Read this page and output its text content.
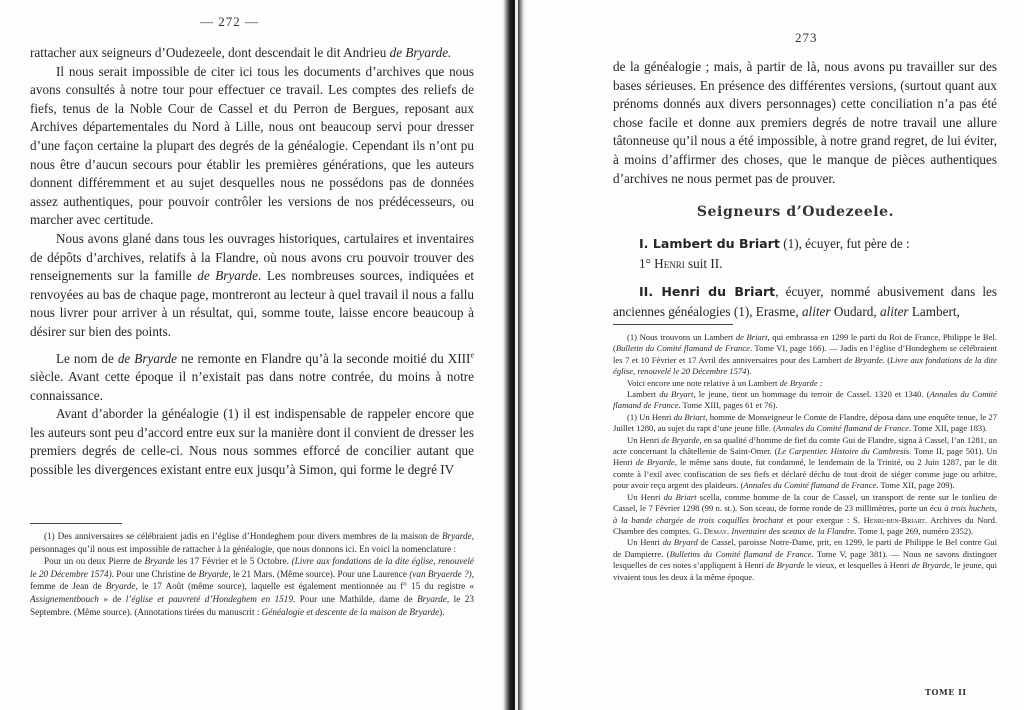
— 272 —

rattacher aux seigneurs d’Oudezeele, dont descendait le dit Andrieu de Bryarde.

Il nous serait impossible de citer ici tous les documents d’archives que nous avons consultés à notre tour pour effectuer ce travail. Les comptes des reliefs de fiefs, tenus de la Noble Cour de Cassel et du Perron de Bergues, reposant aux Archives départementales du Nord à Lille, nous ont beaucoup servi pour dresser d’une façon certaine la plupart des degrés de la généalogie. Cependant ils n’ont pu nous être d’aucun secours pour établir les premières générations, que les auteurs donnent différemment et au sujet desquelles nous ne possédons pas de données assez authentiques, pour pouvoir contrôler les versions de nos prédécesseurs, ou marcher avec certitude.

Nous avons glané dans tous les ouvrages historiques, cartulaires et inventaires de dépôts d’archives, relatifs à la Flandre, où nous avons cru pouvoir trouver des renseignements sur la famille de Bryarde. Les nombreuses sources, indiquées et renvoyées au bas de chaque page, montreront au lecteur à quel travail il nous a fallu nous livrer pour arriver à un résultat, qui, somme toute, laisse encore beaucoup à désirer sur bien des points.

Le nom de de Bryarde ne remonte en Flandre qu’à la seconde moitié du XIIIe siècle. Avant cette époque il n’existait pas dans notre contrée, du moins à notre connaissance.

Avant d’aborder la généalogie (1) il est indispensable de rappeler encore que les auteurs sont peu d’accord entre eux sur la manière dont il convient de dresser les premiers degrés de celle-ci. Nous nous sommes efforcé de concilier autant que possible les divergences existant entre eux jusqu’à Simon, qui forme le degré IV

(1) Des anniversaires se célébraient jadis en l’église d’Hondeghem pour divers membres de la maison de Bryarde, personnages qu’il nous est impossible de rattacher à la généalogie, que nous donnons ici. En voici la nomenclature :

Pour un ou deux Pierre de Bryarde les 17 Février et le 5 Octobre. (Livre aux fondations de la dite église, renouvelé le 20 Décembre 1574). Pour une Christine de Bryarde, le 21 Mars. (Même source). Pour une Laurence (van Bryaerde ?), femme de Jean de Bryarde, le 17 Août (même source), laquelle est également mentionnée au f° 15 du registre « Assignementbouch » de l’église et pauvreté d’Hondeghem en 1519. Pour une Mathilde, dame de Bryarde, le 23 Septembre. (Même source). (Annotations tirées du manuscrit : Généalogie et descente de la maison de Bryarde).

273

de la généalogie ; mais, à partir de là, nous avons pu travailler sur des bases sérieuses. En présence des différentes versions, (surtout quant aux prénoms donnés aux divers personnages) cette conciliation n’a pas été chose facile et donne aux premiers degrés de notre travail une allure tâtonneuse qu’il nous a été impossible, à notre grand regret, de lui éviter, à moins d’affirmer des choses, que le manque de pièces authentiques d’archives ne nous permet pas de prouver.

Seigneurs d’Oudezeele.

I. Lambert du Briart (1), écuyer, fut père de :

1° Henri suit II.

II. Henri du Briart, écuyer, nommé abusivement dans les anciennes généalogies (1), Erasme, aliter Oudard, aliter Lambert,

(1) Nous trouvons un Lambert de Briart, qui embrassa en 1299 le parti du Roi de France, Philippe le Bel. (Bulletin du Comité flamand de France. Tome VI, page 166). — Jadis en l’église d’Hondeghem se célébraient les 7 et 10 Février et 17 Avril des anniversaires pour des Lambert de Bryarde. (Livre aux fondations de la dite église, renouvelé le 20 Décembre 1574).

Voici encore une note relative à un Lambert de Bryarde :

Lambert du Bryart, le jeune, tient un hommage du terroir de Cassel. 1320 et 1340. (Annales du Comité flamand de France. Tome XIII, pages 61 et 76).

(1) Un Henri du Briart, homme de Monseigneur le Comte de Flandre, déposa dans une enquête tenue, le 27 Juillet 1280, au sujet du rapt d’une jeune fille. (Annales du Comité flamand de France. Tome XII, page 183).

Un Henri de Bryarde, en sa qualité d’homme de fief du comte Gui de Flandre, signa à Cassel, l’an 1281, un acte concernant la châtellenie de Saint-Omer. (Le Carpentier. Histoire du Cambresis. Tome II, page 501). Un Henri de Bryarde, le même sans doute, fut condamné, le lendemain de la Trinité, ou 2 Juin 1287, par le dit comte à l’exil avec confiscation de ses fiefs et déclaré déchu de tout droit de siéger comme juge ou arbitre, pour avoir reçu argent des plaideurs. (Annales du Comité flamand de France. Tome XII, page 209).

Un Henri du Briart scella, comme homme de la cour de Cassel, un transport de rente sur le tonlieu de Cassel, le 7 Février 1298 (99 n. st.). Son sceau, de forme ronde de 23 millimètres, porte un écu à trois huchets, à la bande chargée de trois coquilles brochant et pour exergue : S. Henri-ben-Briart. Archives du Nord. Chambre des comptes. G. Demay. Inventaire des sceaux de la Flandre. Tome I, page 269, numéro 2352).

Un Henri du Bryard de Cassel, paroisse Notre-Dame, prit, en 1299, le parti de Philippe le Bel contre Gui de Dampierre. (Bulletins du Comité flamand de France. Tome V, page 381). — Nous ne savons distinguer lesquelles de ces notes s’appliquent à Henri de Bryarde le vieux, et lesquelles à Henri de Bryarde, le jeune, qui vivaient tous les deux à la même époque.

TOME II
